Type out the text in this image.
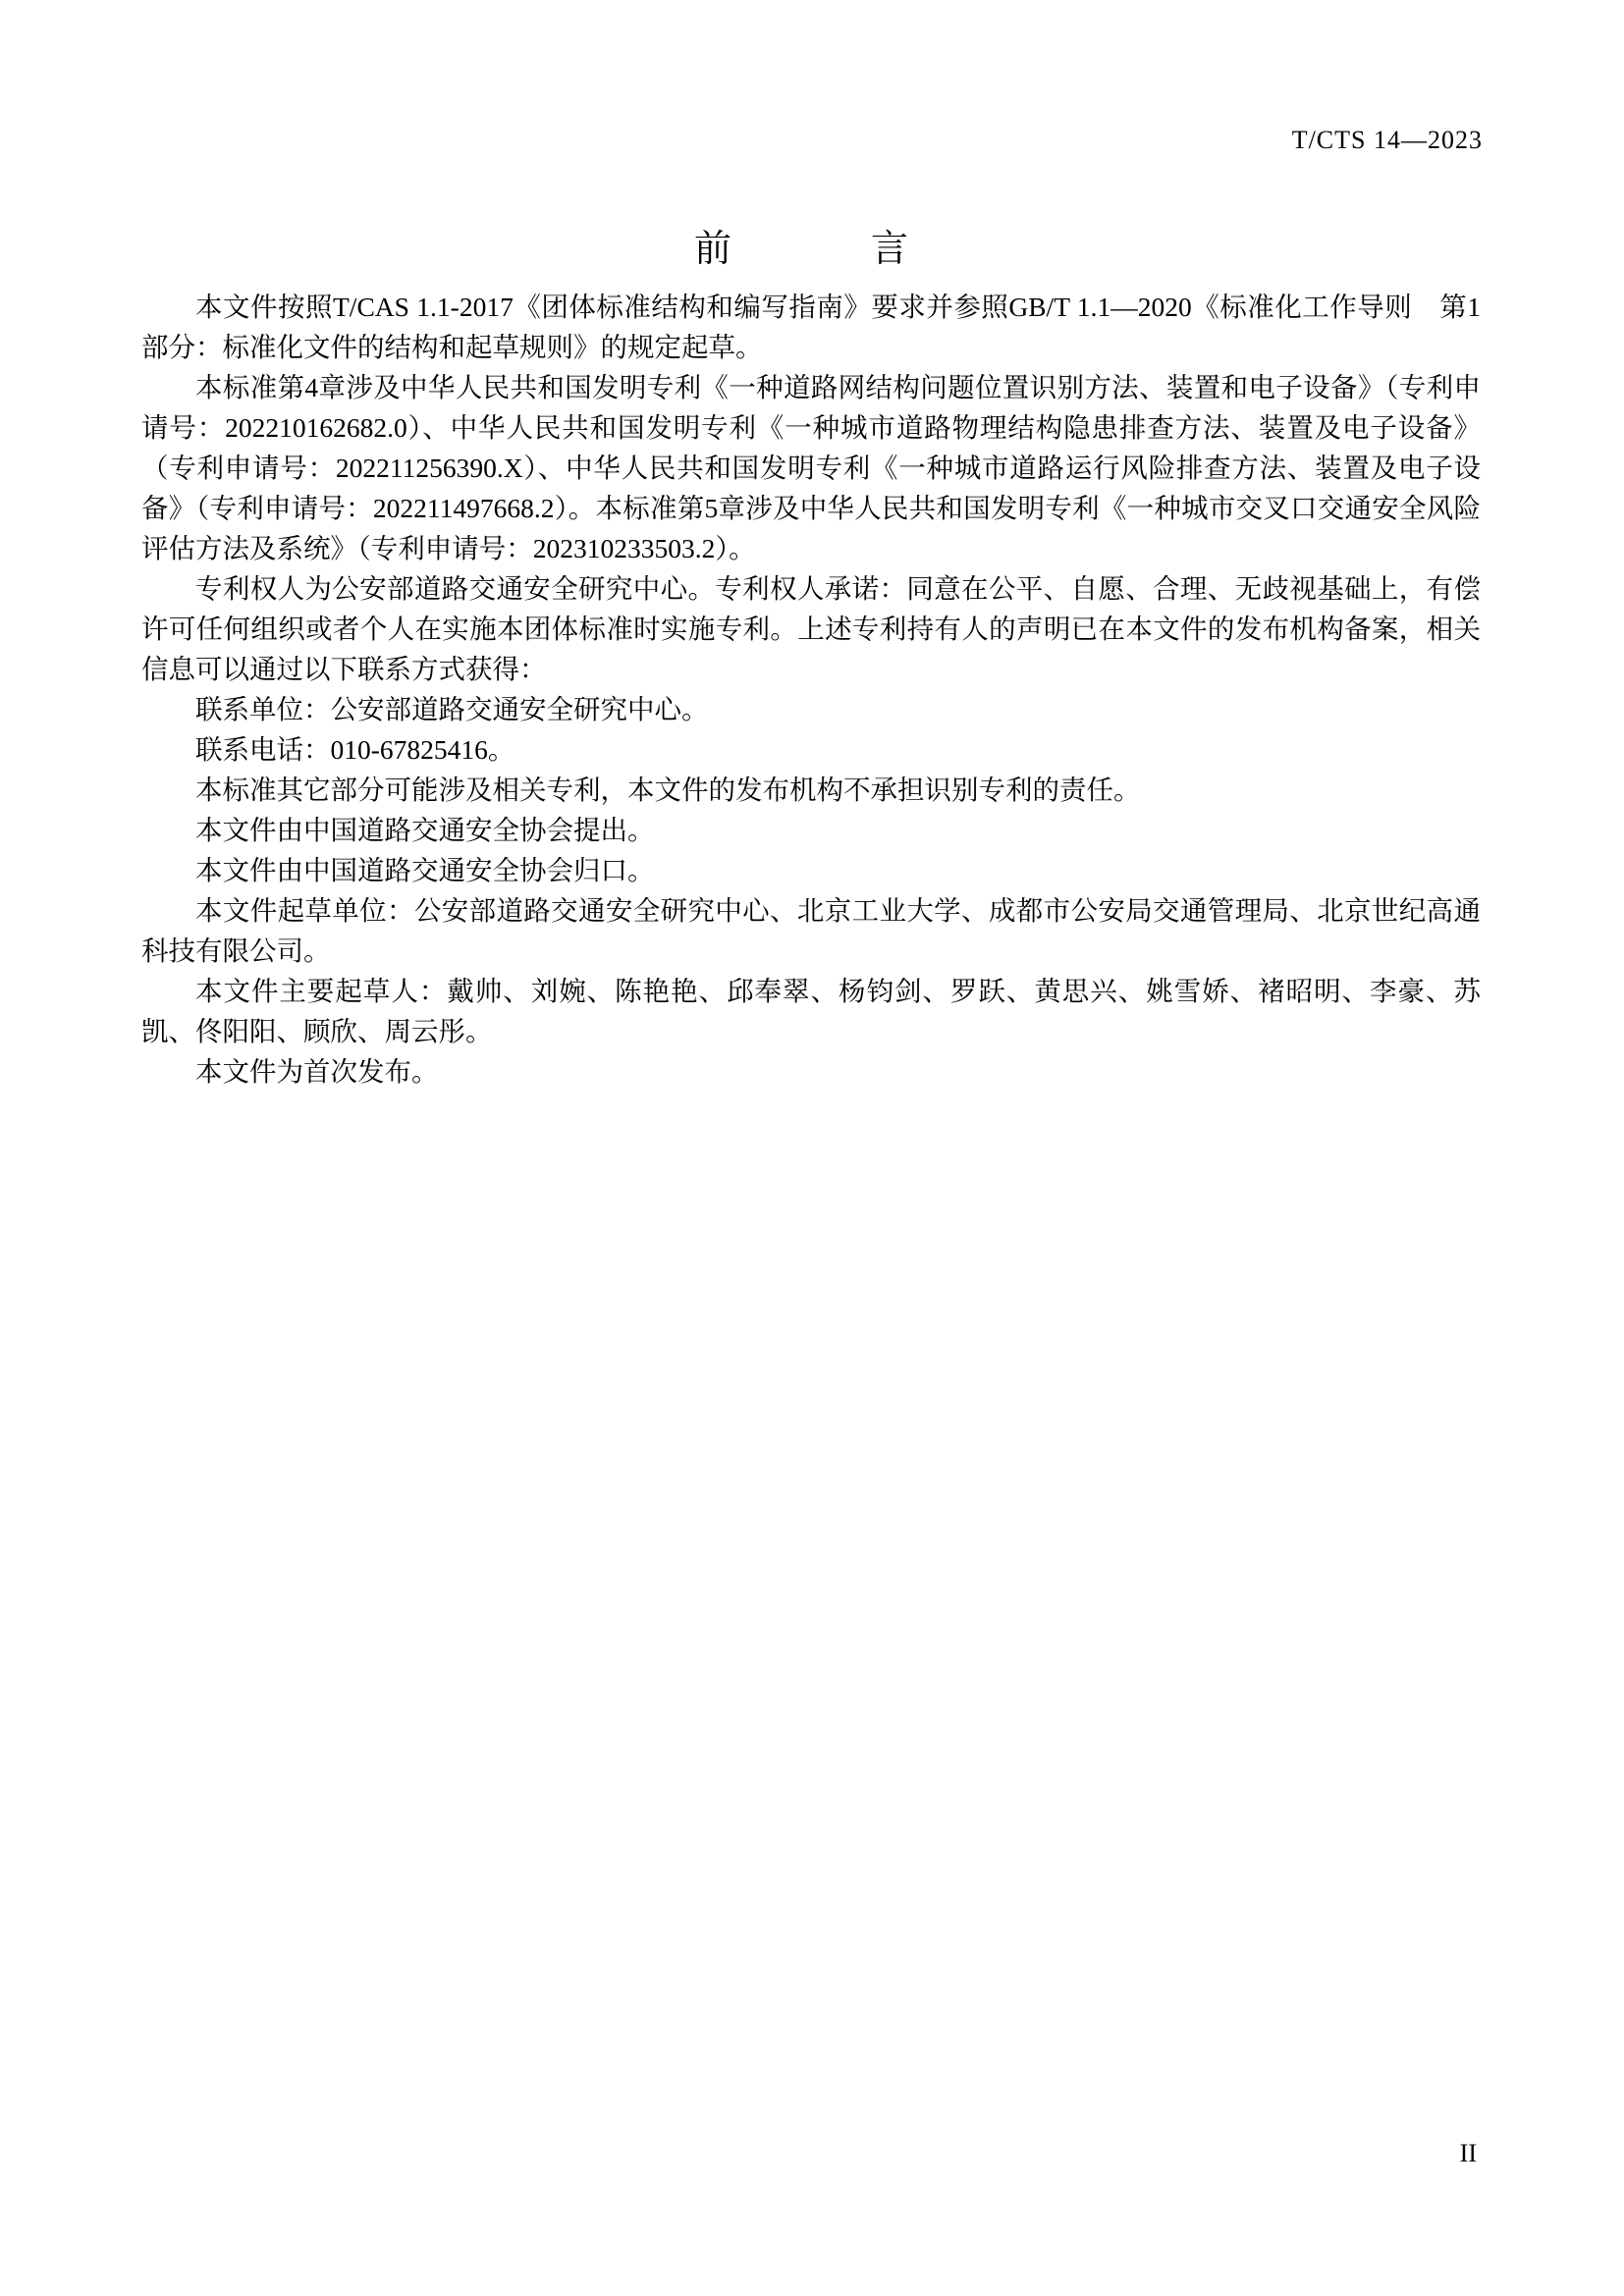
T/CTS 14—2023
前　　言

本文件按照T/CAS 1.1-2017《团体标准结构和编写指南》要求并参照GB/T 1.1—2020《标准化工作导则　第1部分：标准化文件的结构和起草规则》的规定起草。

本标准第4章涉及中华人民共和国发明专利《一种道路网结构问题位置识别方法、装置和电子设备》（专利申请号：202210162682.0）、中华人民共和国发明专利《一种城市道路物理结构隐患排查方法、装置及电子设备》（专利申请号：202211256390.X）、中华人民共和国发明专利《一种城市道路运行风险排查方法、装置及电子设备》（专利申请号：202211497668.2）。本标准第5章涉及中华人民共和国发明专利《一种城市交叉口交通安全风险评估方法及系统》（专利申请号：202310233503.2）。

专利权人为公安部道路交通安全研究中心。专利权人承诺：同意在公平、自愿、合理、无歧视基础上，有偿许可任何组织或者个人在实施本团体标准时实施专利。上述专利持有人的声明已在本文件的发布机构备案，相关信息可以通过以下联系方式获得：

联系单位：公安部道路交通安全研究中心。

联系电话：010-67825416。

本标准其它部分可能涉及相关专利，本文件的发布机构不承担识别专利的责任。

本文件由中国道路交通安全协会提出。

本文件由中国道路交通安全协会归口。

本文件起草单位：公安部道路交通安全研究中心、北京工业大学、成都市公安局交通管理局、北京世纪高通科技有限公司。

本文件主要起草人：戴帅、刘婉、陈艳艳、邱奉翠、杨钧剑、罗跃、黄思兴、姚雪娇、褚昭明、李豪、苏凯、佟阳阳、顾欣、周云彤。

本文件为首次发布。

II
